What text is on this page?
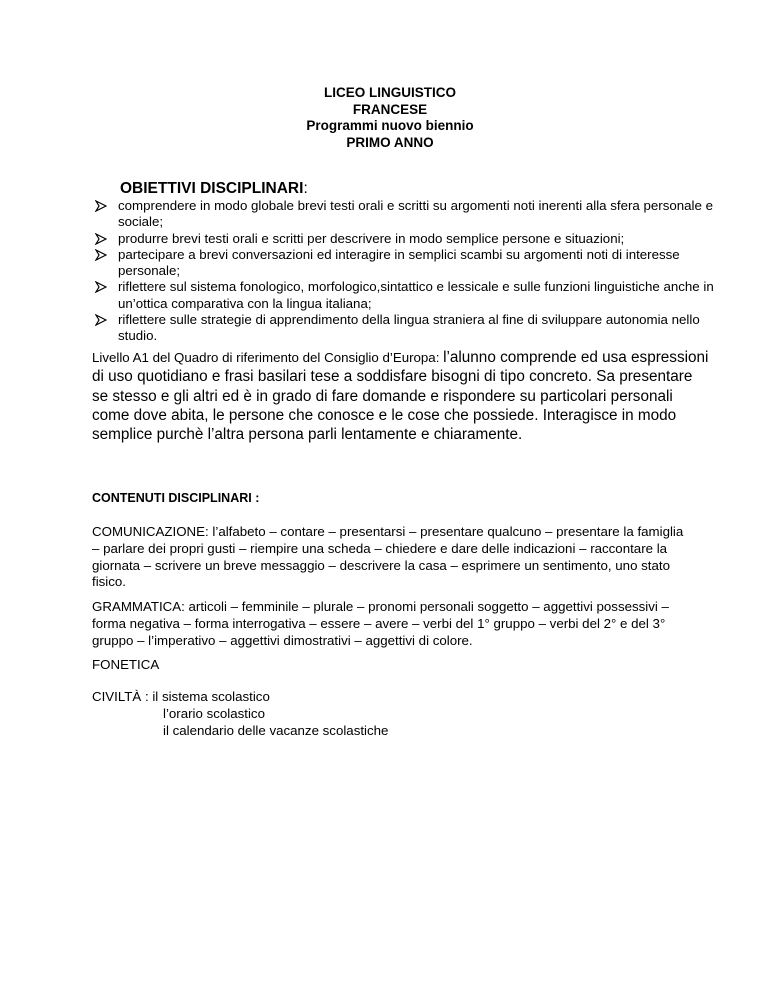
LICEO LINGUISTICO
FRANCESE
Programmi nuovo biennio
PRIMO ANNO
OBIETTIVI DISCIPLINARI:
comprendere in modo globale brevi testi orali e scritti su argomenti noti inerenti alla sfera personale e sociale;
produrre brevi testi orali e scritti per descrivere in modo semplice persone e situazioni;
partecipare a brevi conversazioni ed interagire in semplici scambi su argomenti noti di interesse personale;
riflettere sul sistema fonologico, morfologico,sintattico e lessicale e sulle funzioni linguistiche anche in un’ottica comparativa con la lingua italiana;
riflettere sulle strategie di apprendimento della lingua straniera al fine di sviluppare autonomia nello studio.
Livello A1 del Quadro di riferimento del Consiglio d’Europa: l’alunno comprende ed usa espressioni di uso quotidiano e frasi basilari tese a soddisfare bisogni di tipo concreto. Sa presentare se stesso e gli altri ed è in grado di fare domande e rispondere su particolari personali come dove abita, le persone che conosce e le cose che possiede. Interagisce in modo semplice purchè l’altra persona parli lentamente e chiaramente.
CONTENUTI DISCIPLINARI :
COMUNICAZIONE: l’alfabeto – contare – presentarsi – presentare qualcuno – presentare la famiglia – parlare dei propri gusti – riempire una scheda – chiedere e dare delle indicazioni – raccontare la giornata – scrivere un breve messaggio – descrivere la casa – esprimere un sentimento, uno stato fisico.
GRAMMATICA: articoli – femminile – plurale – pronomi personali soggetto – aggettivi possessivi – forma negativa – forma interrogativa – essere – avere – verbi del 1° gruppo – verbi del 2° e del 3° gruppo – l’imperativo – aggettivi dimostrativi – aggettivi di colore.
FONETICA
CIVILTÀ : il sistema scolastico
l’orario scolastico
il calendario delle vacanze scolastiche
